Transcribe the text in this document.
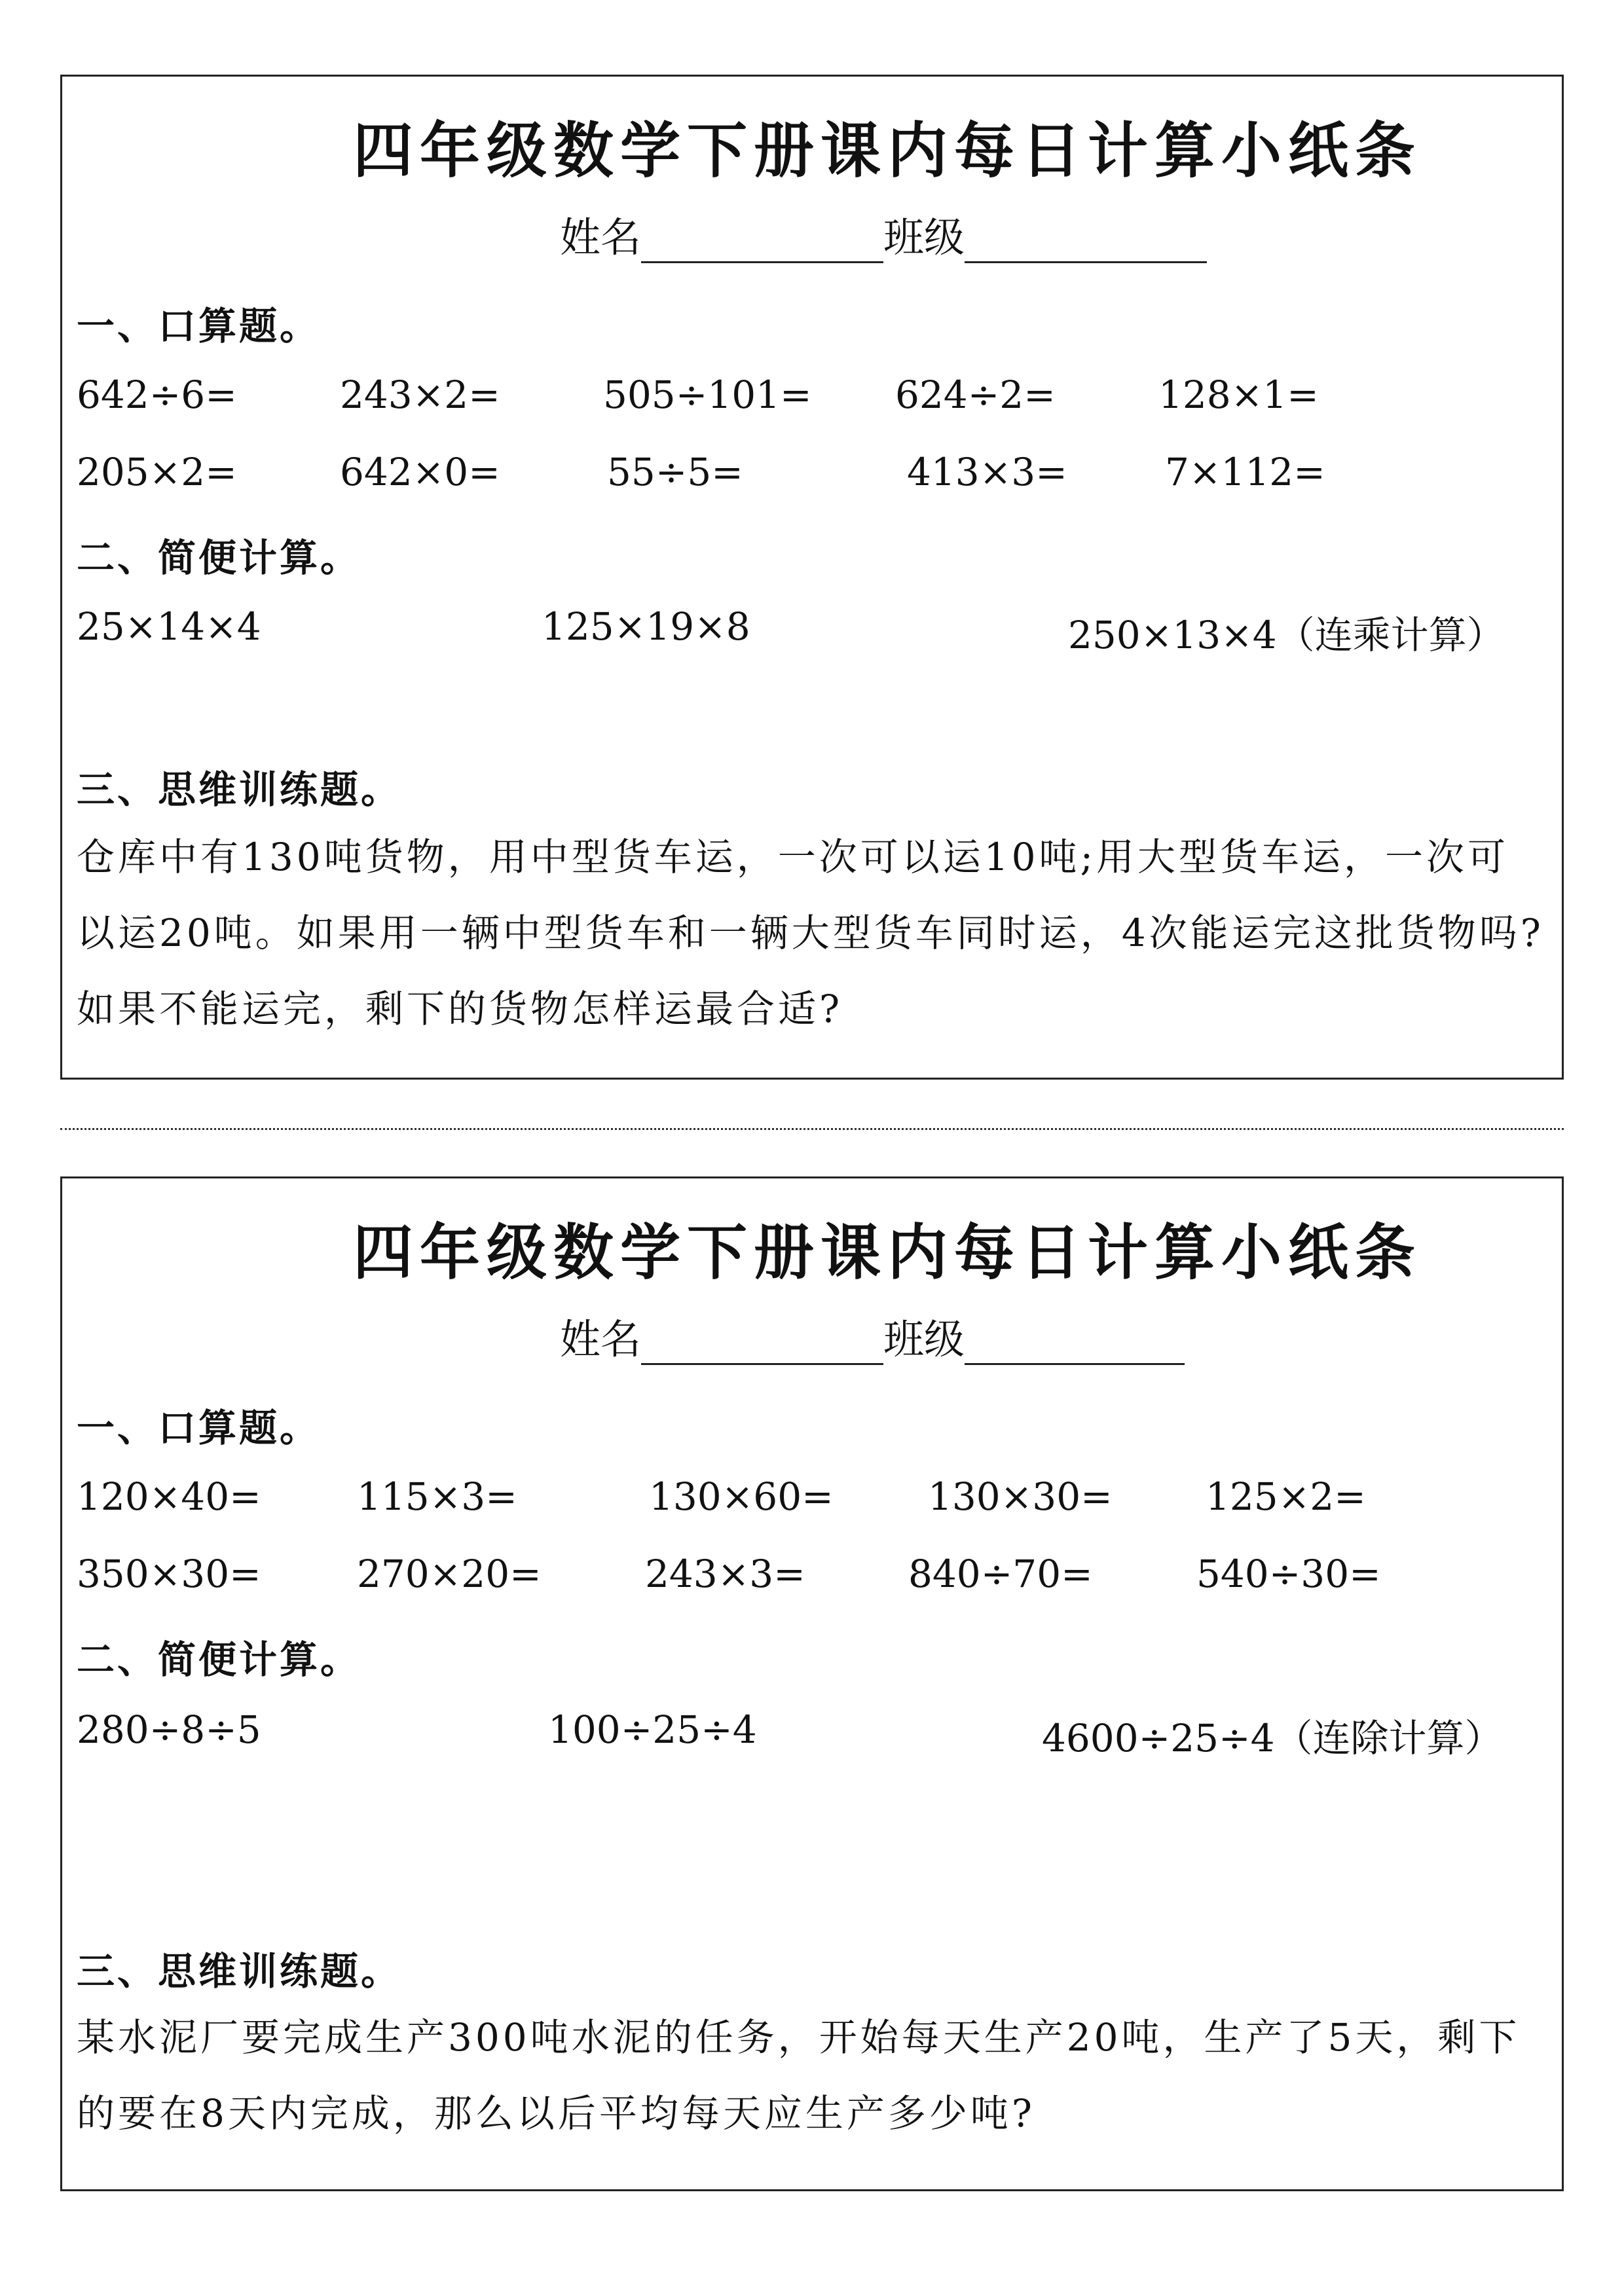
四年级数学下册课内每日计算小纸条
姓名	班级
一、口算题。
642÷6=	243×2=	505÷101= 624÷2=	128×1=
205×2=	642×0=	55÷5=	413×3=	7×112=
二、简便计算。
25×14×4	125×19×8	250×13×4（连乘计算）
三、思维训练题。
仓库中有130吨货物，用中型货车运，一次可以运10吨;用大型货车运，一次可以运20吨。如果用一辆中型货车和一辆大型货车同时运，4次能运完这批货物吗?如果不能运完，剩下的货物怎样运最合适?
四年级数学下册课内每日计算小纸条
姓名	班级
一、口算题。
120×40=	115×3=	130×60= 130×30= 125×2=
350×30=	270×20=	243×3=	840÷70=	540÷30=
二、简便计算。
280÷8÷5	100÷25÷4	4600÷25÷4（连除计算）
三、思维训练题。
某水泥厂要完成生产300吨水泥的任务，开始每天生产20吨，生产了5天，剩下的要在8天内完成，那么以后平均每天应生产多少吨?
